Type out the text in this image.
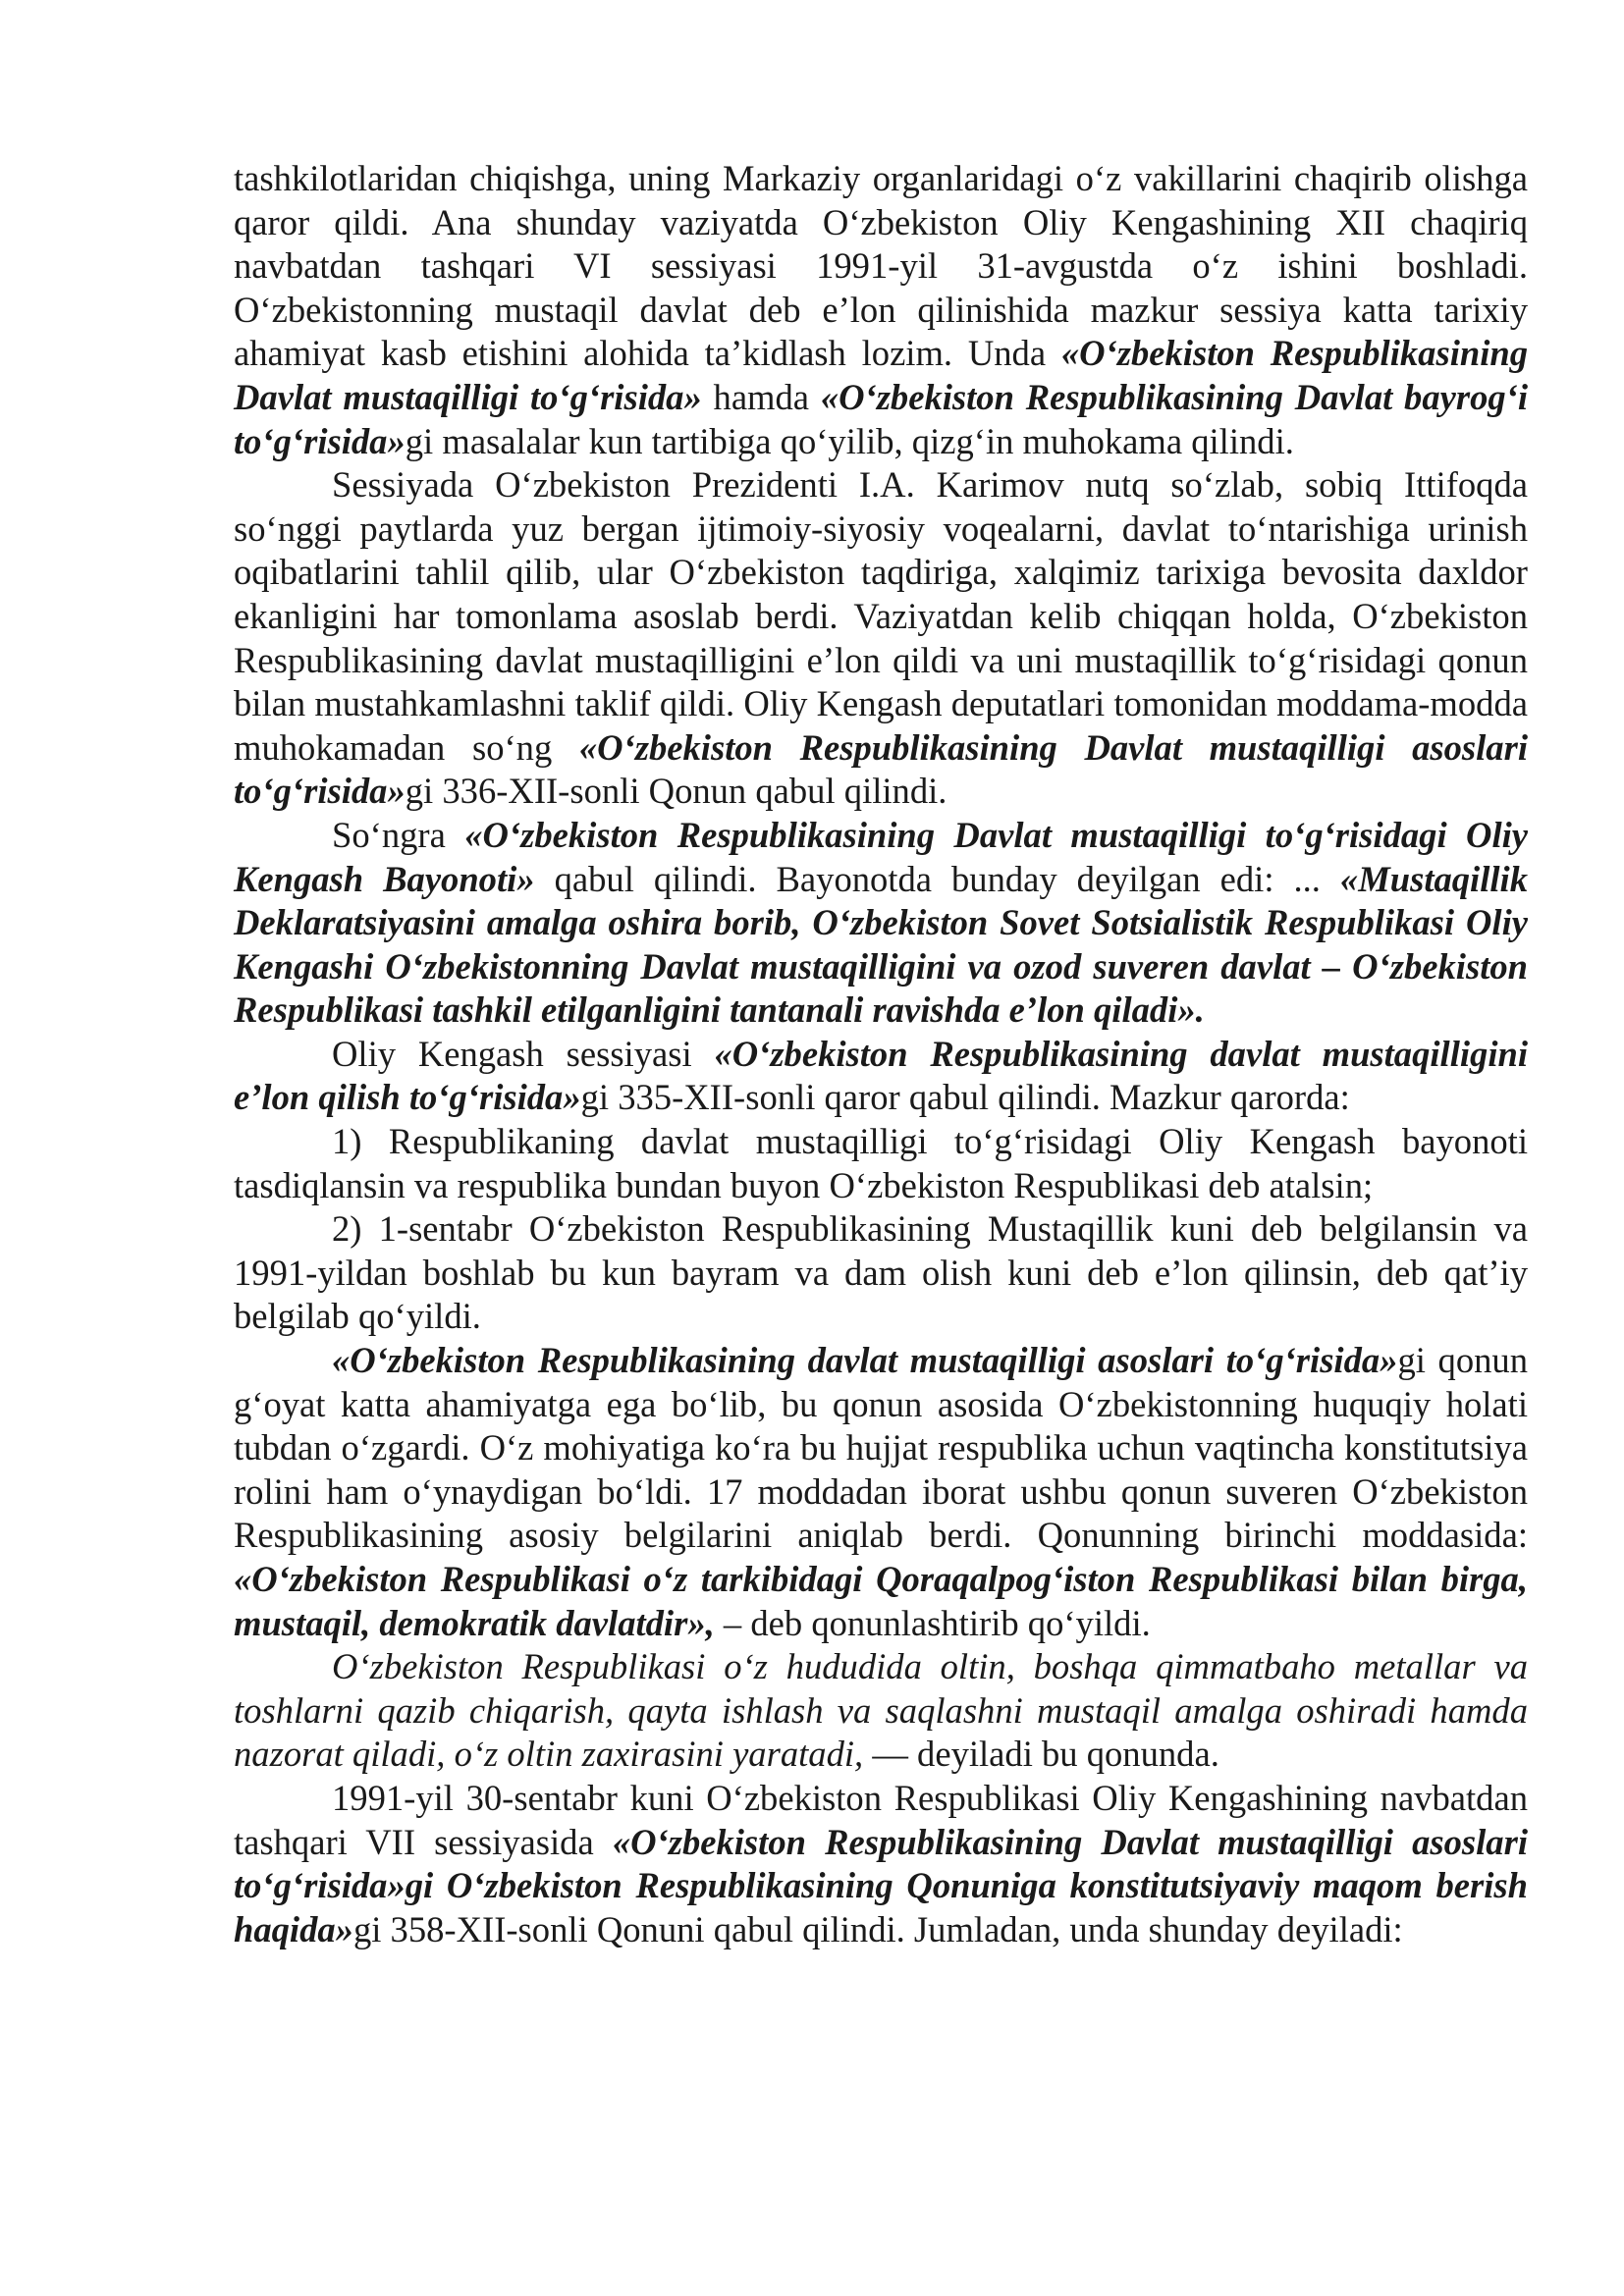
tashkilotlaridan chiqishga, uning Markaziy organlaridagi o‘z vakillarini chaqirib olishga qaror qildi. Ana shunday vaziyatda O‘zbekiston Oliy Kengashining XII chaqiriq navbatdan tashqari VI sessiyasi 1991-yil 31-avgustda o‘z ishini boshladi. O‘zbekistonning mustaqil davlat deb e’lon qilinishida mazkur sessiya katta tarixiy ahamiyat kasb etishini alohida ta’kidlash lozim. Unda «O‘zbekiston Respublikasining Davlat mustaqilligi to‘g‘risida» hamda «O‘zbekiston Respublikasining Davlat bayrog‘i to‘g‘risida»gi masalalar kun tartibiga qo‘yilib, qizg‘in muhokama qilindi.

Sessiyada O‘zbekiston Prezidenti I.A. Karimov nutq so‘zlab, sobiq Ittifoqda so‘nggi paytlarda yuz bergan ijtimoiy-siyosiy voqealarni, davlat to‘ntarishiga urinish oqibatlarini tahlil qilib, ular O‘zbekiston taqdiriga, xalqimiz tarixiga bevosita daxldor ekanligini har tomonlama asoslab berdi. Vaziyatdan kelib chiqqan holda, O‘zbekiston Respublikasining davlat mustaqilligini e’lon qildi va uni mustaqillik to‘g‘risidagi qonun bilan mustahkamlashni taklif qildi. Oliy Kengash deputatlari tomonidan moddama-modda muhokamadan so‘ng «O‘zbekiston Respublikasining Davlat mustaqilligi asoslari to‘g‘risida»gi 336-XII-sonli Qonun qabul qilindi.

So‘ngra «O‘zbekiston Respublikasining Davlat mustaqilligi to‘g‘risidagi Oliy Kengash Bayonoti» qabul qilindi. Bayonotda bunday deyilgan edi: ... «Mustaqillik Deklaratsiyasini amalga oshira borib, O‘zbekiston Sovet Sotsialistik Respublikasi Oliy Kengashi O‘zbekistonning Davlat mustaqilligini va ozod suveren davlat – O‘zbekiston Respublikasi tashkil etilganligini tantanali ravishda e’lon qiladi».

Oliy Kengash sessiyasi «O‘zbekiston Respublikasining davlat mustaqilligini e’lon qilish to‘g‘risida»gi 335-XII-sonli qaror qabul qilindi. Mazkur qarorda:

1) Respublikaning davlat mustaqilligi to‘g‘risidagi Oliy Kengash bayonoti tasdiqlansin va respublika bundan buyon O‘zbekiston Respublikasi deb atalsin;

2) 1-sentabr O‘zbekiston Respublikasining Mustaqillik kuni deb belgilansin va 1991-yildan boshlab bu kun bayram va dam olish kuni deb e’lon qilinsin, deb qat’iy belgilab qo‘yildi.

«O‘zbekiston Respublikasining davlat mustaqilligi asoslari to‘g‘risida»gi qonun g‘oyat katta ahamiyatga ega bo‘lib, bu qonun asosida O‘zbekistonning huquqiy holati tubdan o‘zgardi. O‘z mohiyatiga ko‘ra bu hujjat respublika uchun vaqtincha konstitutsiya rolini ham o‘ynaydigan bo‘ldi. 17 moddadan iborat ushbu qonun suveren O‘zbekiston Respublikasining asosiy belgilarini aniqlab berdi. Qonunning birinchi moddasida: «O‘zbekiston Respublikasi o‘z tarkibidagi Qoraqalpog‘iston Respublikasi bilan birga, mustaqil, demokratik davlatdir», – deb qonunlashtirib qo‘yildi.

O‘zbekiston Respublikasi o‘z hududida oltin, boshqa qimmatbaho metallar va toshlarni qazib chiqarish, qayta ishlash va saqlashni mustaqil amalga oshiradi hamda nazorat qiladi, o‘z oltin zaxirasini yaratadi, — deyiladi bu qonunda.

1991-yil 30-sentabr kuni O‘zbekiston Respublikasi Oliy Kengashining navbatdan tashqari VII sessiyasida «O‘zbekiston Respublikasining Davlat mustaqilligi asoslari to‘g‘risida»gi O‘zbekiston Respublikasining Qonuniga konstitutsiyaviy maqom berish haqida»gi 358-XII-sonli Qonuni qabul qilindi. Jumladan, unda shunday deyiladi:
